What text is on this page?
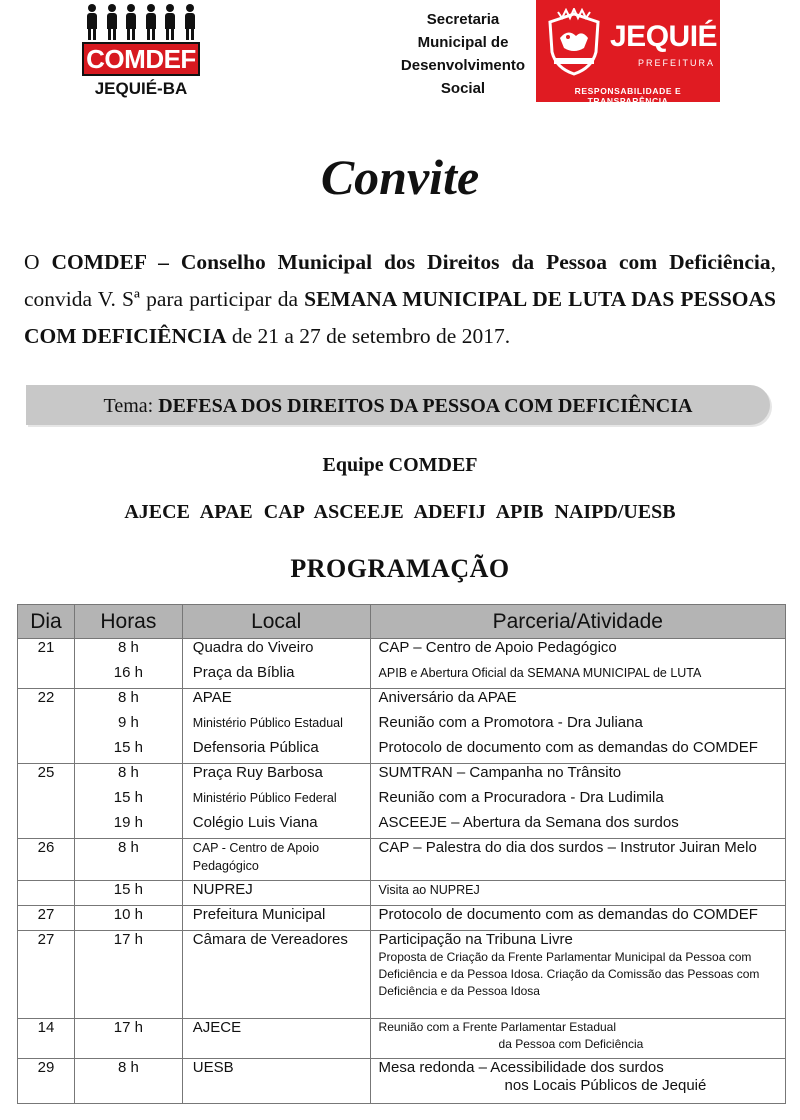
COMDEF
JEQUIÉ-BA
Secretaria
Municipal de
Desenvolvimento
Social
JEQUIÉ
PREFEITURA
RESPONSABILIDADE E TRANSPARÊNCIA
Convite

O COMDEF – Conselho Municipal dos Direitos da Pessoa com Deficiência, convida V. Sª para participar da SEMANA MUNICIPAL DE LUTA DAS PESSOAS COM DEFICIÊNCIA de 21 a 27 de setembro de 2017.

Tema: DEFESA DOS DIREITOS DA PESSOA COM DEFICIÊNCIA
Equipe COMDEF
AJECE APAE CAP ASCEEJE ADEFIJ APIB NAIPD/UESB
PROGRAMAÇÃO
Dia	Horas	Local	Parceria/Atividade
21	8 h	Quadra do Viveiro	CAP – Centro de Apoio Pedagógico
	16 h	Praça da Bíblia	APIB e Abertura Oficial da SEMANA MUNICIPAL de LUTA
22	8 h	APAE	Aniversário da APAE
	9 h	Ministério Público Estadual	Reunião com a Promotora - Dra Juliana
	15 h	Defensoria Pública	Protocolo de documento com as demandas do COMDEF
25	8 h	Praça Ruy Barbosa	SUMTRAN – Campanha no Trânsito
	15 h	Ministério Público Federal	Reunião com a Procuradora - Dra Ludimila
	19 h	Colégio Luis Viana	ASCEEJE – Abertura da Semana dos surdos
26	8 h	CAP - Centro de Apoio Pedagógico	CAP – Palestra do dia dos surdos – Instrutor Juiran Melo
	15 h	NUPREJ	Visita ao NUPREJ
27	10 h	Prefeitura Municipal	Protocolo de documento com as demandas do COMDEF
27	17 h	Câmara de Vereadores	Participação na Tribuna Livre
Proposta de Criação da Frente Parlamentar Municipal da Pessoa com Deficiência e da Pessoa Idosa. Criação da Comissão das Pessoas com Deficiência e da Pessoa Idosa

14	17 h	AJECE	Reunião com a Frente Parlamentar Estadual
da Pessoa com Deficiência

29	8 h	UESB	Mesa redonda – Acessibilidade dos surdos
nos Locais Públicos de Jequié
